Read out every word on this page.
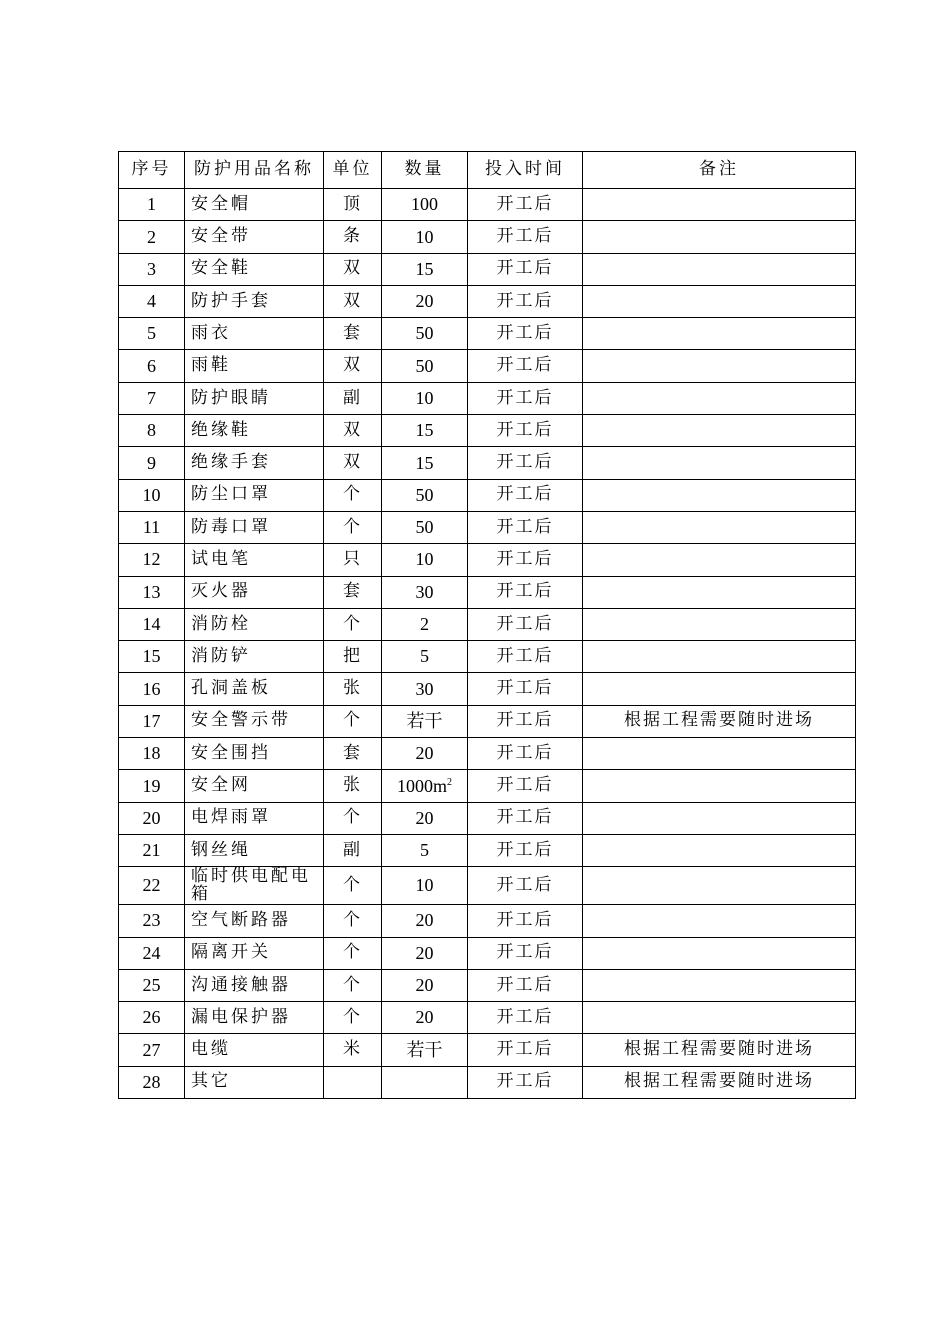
序号	防护用品名称	单位	数量	投入时间	备注
1	安全帽	顶	100	开工后	
2	安全带	条	10	开工后	
3	安全鞋	双	15	开工后	
4	防护手套	双	20	开工后	
5	雨衣	套	50	开工后	
6	雨鞋	双	50	开工后	
7	防护眼睛	副	10	开工后	
8	绝缘鞋	双	15	开工后	
9	绝缘手套	双	15	开工后	
10	防尘口罩	个	50	开工后	
11	防毒口罩	个	50	开工后	
12	试电笔	只	10	开工后	
13	灭火器	套	30	开工后	
14	消防栓	个	2	开工后	
15	消防铲	把	5	开工后	
16	孔洞盖板	张	30	开工后	
17	安全警示带	个	若干	开工后	根据工程需要随时进场
18	安全围挡	套	20	开工后	
19	安全网	张	$1000m^2$	开工后	
20	电焊雨罩	个	20	开工后	
21	钢丝绳	副	5	开工后	
22	临时供电配电箱	个	10	开工后	
23	空气断路器	个	20	开工后	
24	隔离开关	个	20	开工后	
25	沟通接触器	个	20	开工后	
26	漏电保护器	个	20	开工后	
27	电缆	米	若干	开工后	根据工程需要随时进场
28	其它			开工后	根据工程需要随时进场
